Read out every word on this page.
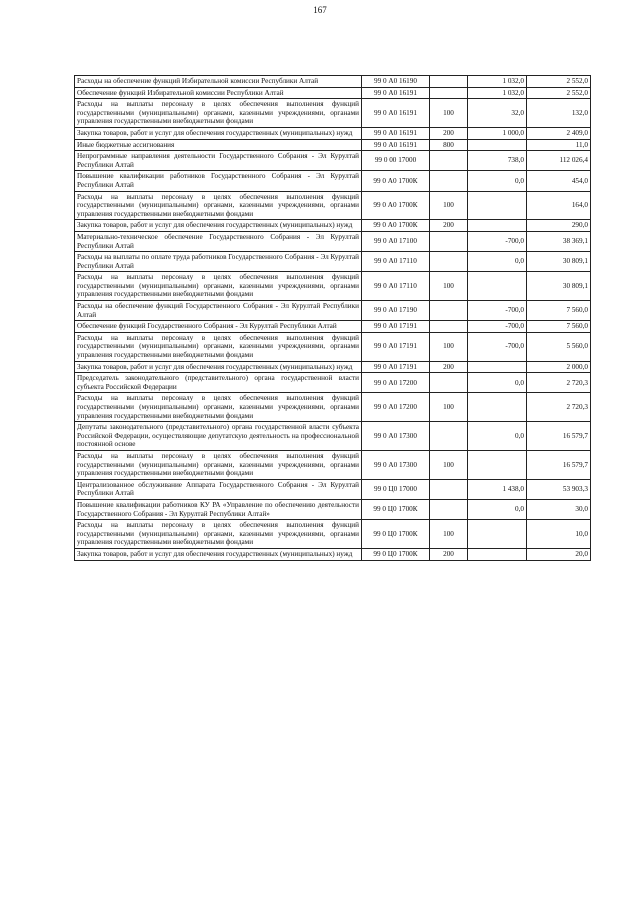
167
Расходы на обеспечение функций Избирательной комиссии Республики Алтай	99 0 А0 16190		1 032,0	2 552,0
Обеспечение функций Избирательной комиссии Республики Алтай	99 0 А0 16191		1 032,0	2 552,0
Расходы на выплаты персоналу в целях обеспечения выполнения функций государственными (муниципальными) органами, казенными учреждениями, органами управления государственными внебюджетными фондами	99 0 А0 16191	100	32,0	132,0
Закупка товаров, работ и услуг для обеспечения государственных (муниципальных) нужд	99 0 А0 16191	200	1 000,0	2 409,0
Иные бюджетные ассигнования	99 0 А0 16191	800		11,0
Непрограммные направления деятельности Государственного Собрания - Эл Курултай Республики Алтай	99 0 00 17000		738,0	112 026,4
Повышение квалификации работников Государственного Собрания - Эл Курултай Республики Алтай	99 0 А0 1700К		0,0	454,0
Расходы на выплаты персоналу в целях обеспечения выполнения функций государственными (муниципальными) органами, казенными учреждениями, органами управления государственными внебюджетными фондами	99 0 А0 1700К	100		164,0
Закупка товаров, работ и услуг для обеспечения государственных (муниципальных) нужд	99 0 А0 1700К	200		290,0
Материально-техническое обеспечение Государственного Собрания - Эл Курултай Республики Алтай	99 0 А0 17100		-700,0	38 369,1
Расходы на выплаты по оплате труда работников Государственного Собрания - Эл Курултай Республики Алтай	99 0 А0 17110		0,0	30 809,1
Расходы на выплаты персоналу в целях обеспечения выполнения функций государственными (муниципальными) органами, казенными учреждениями, органами управления государственными внебюджетными фондами	99 0 А0 17110	100		30 809,1
Расходы на обеспечение функций Государственного Собрания - Эл Курултай Республики Алтай	99 0 А0 17190		-700,0	7 560,0
Обеспечение функций Государственного Собрания - Эл Курултай Республики Алтай	99 0 А0 17191		-700,0	7 560,0
Расходы на выплаты персоналу в целях обеспечения выполнения функций государственными (муниципальными) органами, казенными учреждениями, органами управления государственными внебюджетными фондами	99 0 А0 17191	100	-700,0	5 560,0
Закупка товаров, работ и услуг для обеспечения государственных (муниципальных) нужд	99 0 А0 17191	200		2 000,0
Председатель законодательного (представительного) органа государственной власти субъекта Российской Федерации	99 0 А0 17200		0,0	2 720,3
Расходы на выплаты персоналу в целях обеспечения выполнения функций государственными (муниципальными) органами, казенными учреждениями, органами управления государственными внебюджетными фондами	99 0 А0 17200	100		2 720,3
Депутаты законодательного (представительного) органа государственной власти субъекта Российской Федерации, осуществляющие депутатскую деятельность на профессиональной постоянной основе	99 0 А0 17300		0,0	16 579,7
Расходы на выплаты персоналу в целях обеспечения выполнения функций государственными (муниципальными) органами, казенными учреждениями, органами управления государственными внебюджетными фондами	99 0 А0 17300	100		16 579,7
Централизованное обслуживание Аппарата Государственного Собрания - Эл Курултай Республики Алтай	99 0 Ц0 17000		1 438,0	53 903,3
Повышение квалификации работников КУ РА «Управление по обеспечению деятельности Государственного Собрания - Эл Курултай Республики Алтай»	99 0 Ц0 1700К		0,0	30,0
Расходы на выплаты персоналу в целях обеспечения выполнения функций государственными (муниципальными) органами, казенными учреждениями, органами управления государственными внебюджетными фондами	99 0 Ц0 1700К	100		10,0
Закупка товаров, работ и услуг для обеспечения государственных (муниципальных) нужд	99 0 Ц0 1700К	200		20,0
